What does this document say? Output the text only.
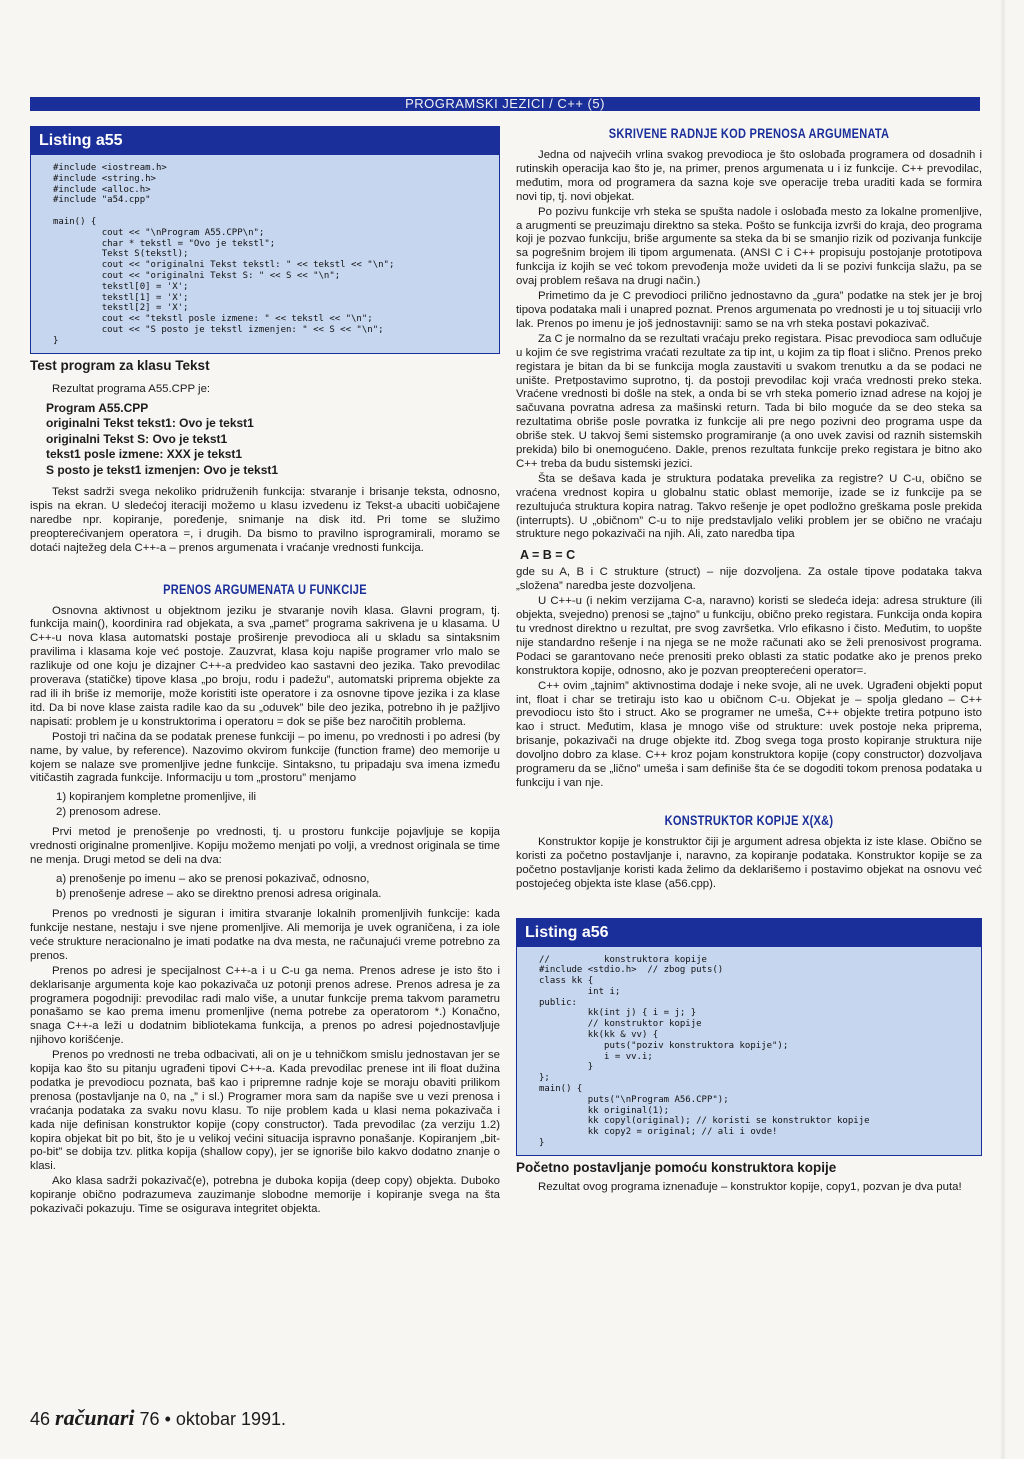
PROGRAMSKI JEZICI / C++ (5)
Listing a55
#include <iostream.h>
#include <string.h>
#include <alloc.h>
#include "a54.cpp"

main() {
cout << "\nProgram A55.CPP\n";
char * tekstl = "Ovo je tekstl";
Tekst S(tekstl);
cout << "originalni Tekst tekstl: " << tekstl << "\n";
cout << "originalni Tekst S: " << S << "\n";
tekstl[0] = 'X';
tekstl[1] = 'X';
tekstl[2] = 'X';
cout << "tekstl posle izmene: " << tekstl << "\n";
cout << "S posto je tekstl izmenjen: " << S << "\n";
}
Test program za klasu Tekst
Rezultat programa A55.CPP je:
Program A55.CPP
originalni Tekst tekst1: Ovo je tekst1
originalni Tekst S: Ovo je tekst1
tekst1 posle izmene: XXX je tekst1
S posto je tekst1 izmenjen: Ovo je tekst1

Tekst sadrži svega nekoliko pridruženih funkcija: stvaranje i brisanje teksta, odnosno, ispis na ekran. U sledećoj iteraciji možemo u klasu izvedenu iz Tekst-a ubaciti uobičajene naredbe npr. kopiranje, poređenje, snimanje na disk itd. Pri tome se služimo preopterećivanjem operatora =, i drugih. Da bismo to pravilno isprogramirali, moramo se dotaći najtežeg dela C++-a – prenos argumenata i vraćanje vrednosti funkcija.

PRENOS ARGUMENATA U FUNKCIJE

Osnovna aktivnost u objektnom jeziku je stvaranje novih klasa. Glavni program, tj. funkcija main(), koordinira rad objekata, a sva „pamet” programa sakrivena je u klasama. U C++-u nova klasa automatski postaje proširenje prevodioca ali u skladu sa sintaksnim pravilima i klasama koje već postoje. Zauzvrat, klasa koju napiše programer vrlo malo se razlikuje od one koju je dizajner C++-a predvideo kao sastavni deo jezika. Tako prevodilac proverava (statičke) tipove klasa „po broju, rodu i padežu”, automatski pripremа objekte za rad ili ih briše iz memorije, može koristiti iste operatore i za osnovne tipove jezika i za klase itd. Da bi nove klase zaista radile kao da su „oduvek” bile deo jezika, potrebno ih je pažljivo napisati: problem je u konstruktorima i operatoru = dok se piše bez naročitih problema.

Postoji tri načina da se podatak prenese funkciji – po imenu, po vrednosti i po adresi (by name, by value, by reference). Nazovimo okvirom funkcije (function frame) deo memorije u kojem se nalaze sve promenljive jedne funkcije. Sintaksno, tu pripadaju sva imena između vitičastih zagrada funkcije. Informaciju u tom „prostoru” menjamo

1) kopiranjem kompletne promenljive, ili
2) prenosom adrese.

Prvi metod je prenošenje po vrednosti, tj. u prostoru funkcije pojavljuje se kopija vrednosti originalne promenljive. Kopiju možemo menjati po volji, a vrednost originala se time ne menja. Drugi metod se deli na dva:

a) prenošenje po imenu – ako se prenosi pokazivač, odnosno,
b) prenošenje adrese – ako se direktno prenosi adresa originala.

Prenos po vrednosti je siguran i imitira stvaranje lokalnih promenljivih funkcije: kada funkcije nestane, nestaju i sve njene promenljive. Ali memorija je uvek ograničena, i za iole veće strukture neracionalno je imati podatke na dva mesta, ne računajući vreme potrebno za prenos.

Prenos po adresi je specijalnost C++-a i u C-u ga nema. Prenos adrese je isto što i deklarisanje argumenta koje kao pokazivača uz potonji prenos adrese. Prenos adresa je za programera pogodniji: prevodilac radi malo više, a unutar funkcije prema takvom parametru ponašamo se kao prema imenu promenljive (nema potrebe za operatorom *.) Konačno, snaga C++-a leži u dodatnim bibliotekama funkcija, a prenos po adresi pojednostavljuje njihovo korišćenje.

Prenos po vrednosti ne treba odbacivati, ali on je u tehničkom smislu jednostavan jer se kopija kao što su pitanju ugrađeni tipovi C++-a. Kada prevodilac prenese int ili float dužina podatka je prevodiocu poznata, baš kao i pripremne radnje koje se moraju obaviti prilikom prenosa (postavljanje na 0, na „” i sl.) Programer mora sam da napiše sve u vezi prenosa i vraćanja podataka za svaku novu klasu. To nije problem kada u klasi nema pokazivača i kada nije definisan konstruktor kopije (copy constructor). Tada prevodilac (za verziju 1.2) kopira objekat bit po bit, što je u velikoj većini situacija ispravno ponašanje. Kopiranjem „bit-po-bit” se dobija tzv. plitka kopija (shallow copy), jer se ignoriše bilo kakvo dodatno znanje o klasi.

Ako klasa sadrži pokazivač(e), potrebna je duboka kopija (deep copy) objekta. Duboko kopiranje obično podrazumeva zauzimanje slobodne memorije i kopiranje svega na šta pokazivači pokazuju. Time se osigurava integritet objekta.

SKRIVENE RADNJE KOD PRENOSA ARGUMENATA

Jedna od najvećih vrlina svakog prevodioca je što oslobađa programera od dosadnih i rutinskih operacija kao što je, na primer, prenos argumenata u i iz funkcije. C++ prevodilac, međutim, mora od programera da sazna koje sve operacije treba uraditi kada se formira novi tip, tj. novi objekat.

Po pozivu funkcije vrh steka se spušta nadole i oslobađa mesto za lokalne promenljive, a arugmenti se preuzimaju direktno sa steka. Pošto se funkcija izvrši do kraja, deo programa koji je pozvao funkciju, briše argumente sa steka da bi se smanjio rizik od pozivanja funkcije sa pogrešnim brojem ili tipom argumenata. (ANSI C i C++ propisuju postojanje prototipova funkcija iz kojih se već tokom prevođenja može uvideti da li se pozivi funkcija slažu, pa se ovaj problem rešava na drugi način.)

Primetimo da je C prevodioci prilično jednostavno da „gura” podatke na stek jer je broj tipova podataka mali i unapred poznat. Prenos argumenata po vrednosti je u toj situaciji vrlo lak. Prenos po imenu je još jednostavniji: samo se na vrh steka postavi pokazivač.

Za C je normalno da se rezultati vraćaju preko registara. Pisac prevodioca sam odlučuje u kojim će sve registrima vraćati rezultate za tip int, u kojim za tip float i slično. Prenos preko registara je bitan da bi se funkcija mogla zaustaviti u svakom trenutku a da se podaci ne unište. Pretpostavimo suprotno, tj. da postoji prevodilac koji vraća vrednosti preko steka. Vraćene vrednosti bi došle na stek, a onda bi se vrh steka pomerio iznad adrese na kojoj je sačuvana povratna adresa za mašinski return. Tada bi bilo moguće da se deo steka sa rezultatima obriše posle povratka iz funkcije ali pre nego pozivni deo programa uspe da obriše stek. U takvoj šemi sistemsko programiranje (a ono uvek zavisi od raznih sistemskih prekida) bilo bi onemogućeno. Dakle, prenos rezultata funkcije preko registara je bitno ako C++ treba da budu sistemski jezici.

Šta se dešava kada je struktura podataka prevelika za registre? U C-u, obično se vraćena vrednost kopira u globalnu static oblast memorije, izade se iz funkcije pa se rezultujuća struktura kopira natrag. Takvo rešenje je opet podložno greškama posle prekida (interrupts). U „običnom” C-u to nije predstavljalo veliki problem jer se obično ne vraćaju strukture nego pokazivači na njih. Ali, zato naredba tipa

A = B = C

gde su A, B i C strukture (struct) – nije dozvoljena. Za ostale tipove podataka takva „složena” naredba jeste dozvoljena.

U C++-u (i nekim verzijama C-a, naravno) koristi se sledeća ideja: adresa strukture (ili objekta, svejedno) prenosi se „tajno” u funkciju, obično preko registara. Funkcija onda kopira tu vrednost direktno u rezultat, pre svog završetka. Vrlo efikasno i čisto. Međutim, to uopšte nije standardno rešenje i na njega se ne može računati ako se želi prenosivost programa. Podaci se garantovano neće prenositi preko oblasti za static podatke ako je prenos preko konstruktora kopije, odnosno, ako je pozvan preopterećeni operator=.

C++ ovim „tajnim” aktivnostima dodaje i neke svoje, ali ne uvek. Ugrađeni objekti poput int, float i char se tretiraju isto kao u običnom C-u. Objekat je – spolja gledano – C++ prevodiocu isto što i struct. Ako se programer ne umeša, C++ objekte tretira potpuno isto kao i struct. Međutim, klasa je mnogo više od strukture: uvek postoje neka priprema, brisanje, pokazivači na druge objekte itd. Zbog svega toga prosto kopiranje struktura nije dovoljno dobro za klase. C++ kroz pojam konstruktora kopije (copy constructor) dozvoljava programeru da se „lično” umeša i sam definiše šta će se dogoditi tokom prenosa podataka u funkciju i van nje.

KONSTRUKTOR KOPIJE X(X&)

Konstruktor kopije je konstruktor čiji je argument adresa objekta iz iste klase. Obično se koristi za početno postavljanje i, naravno, za kopiranje podataka. Konstruktor kopije se za početno postavljanje koristi kada želimo da deklarišemo i postavimo objekat na osnovu već postojećeg objekta iste klase (a56.cpp).

Listing a56
//          konstruktora kopije
#include <stdio.h>  // zbog puts()
class kk {
int i;
public:
kk(int j) { i = j; }
// konstruktor kopije
kk(kk & vv) {
puts("poziv konstruktora kopije");
i = vv.i;
}
};
main() {
puts("\nProgram A56.CPP");
kk original(1);
kk copyl(original); // koristi se konstruktor kopije
kk copy2 = original; // ali i ovde!
}
Početno postavljanje pomoću konstruktora kopije

Rezultat ovog programa iznenađuje – konstruktor kopije, copy1, pozvan je dva puta!

46 računari 76 • oktobar 1991.
